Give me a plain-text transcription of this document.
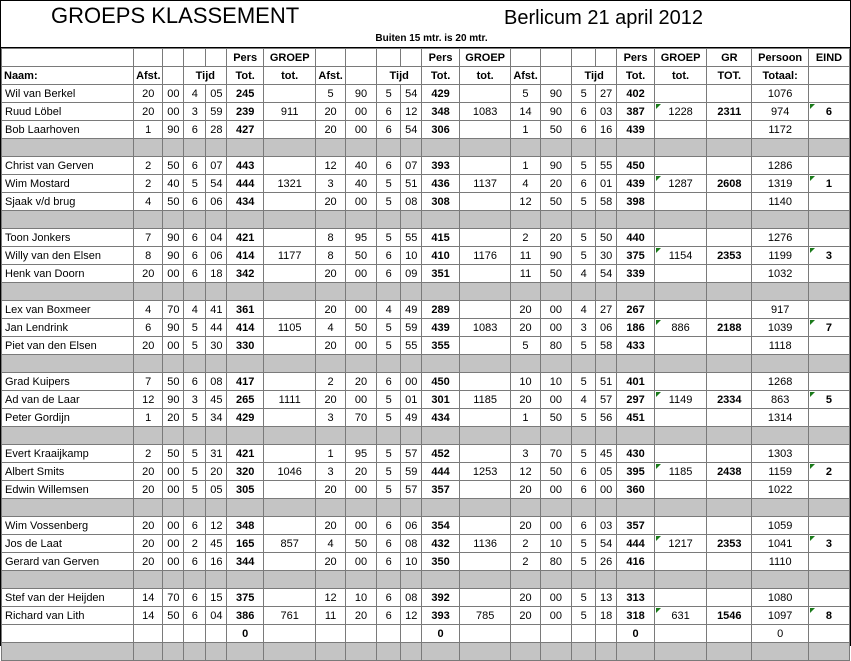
GROEPS KLASSEMENT	Berlicum 21 april 2012
Buiten 15 mtr. is 20 mtr.
					Pers	GROEP					Pers	GROEP					Pers	GROEP	GR	Persoon	EIND
Naam:	Afst.		Tijd		Tot.	tot.	Afst.		Tijd		Tot.	tot.	Afst.		Tijd		Tot.	tot.	TOT.	Totaal:	
Wil van Berkel	20	00	4	05	245		5	90	5	54	429		5	90	5	27	402			1076	
Ruud Löbel	20	00	3	59	239	911	20	00	6	12	348	1083	14	90	6	03	387	1228	2311	974	6
Bob Laarhoven	1	90	6	28	427		20	00	6	54	306		1	50	6	16	439			1172	

Christ van Gerven	2	50	6	07	443		12	40	6	07	393		1	90	5	55	450			1286	
Wim Mostard	2	40	5	54	444	1321	3	40	5	51	436	1137	4	20	6	01	439	1287	2608	1319	1
Sjaak v/d brug	4	50	6	06	434		20	00	5	08	308		12	50	5	58	398			1140	

Toon Jonkers	7	90	6	04	421		8	95	5	55	415		2	20	5	50	440			1276	
Willy van den Elsen	8	90	6	06	414	1177	8	50	6	10	410	1176	11	90	5	30	375	1154	2353	1199	3
Henk van Doorn	20	00	6	18	342		20	00	6	09	351		11	50	4	54	339			1032	

Lex van Boxmeer	4	70	4	41	361		20	00	4	49	289		20	00	4	27	267			917	
Jan Lendrink	6	90	5	44	414	1105	4	50	5	59	439	1083	20	00	3	06	186	886	2188	1039	7
Piet van den Elsen	20	00	5	30	330		20	00	5	55	355		5	80	5	58	433			1118	

Grad Kuipers	7	50	6	08	417		2	20	6	00	450		10	10	5	51	401			1268	
Ad van de Laar	12	90	3	45	265	1111	20	00	5	01	301	1185	20	00	4	57	297	1149	2334	863	5
Peter Gordijn	1	20	5	34	429		3	70	5	49	434		1	50	5	56	451			1314	

Evert Kraaijkamp	2	50	5	31	421		1	95	5	57	452		3	70	5	45	430			1303	
Albert Smits	20	00	5	20	320	1046	3	20	5	59	444	1253	12	50	6	05	395	1185	2438	1159	2
Edwin Willemsen	20	00	5	05	305		20	00	5	57	357		20	00	6	00	360			1022	

Wim Vossenberg	20	00	6	12	348		20	00	6	06	354		20	00	6	03	357			1059	
Jos de Laat	20	00	2	45	165	857	4	50	6	08	432	1136	2	10	5	54	444	1217	2353	1041	3
Gerard van Gerven	20	00	6	16	344		20	00	6	10	350		2	80	5	26	416			1110	

Stef van der Heijden	14	70	6	15	375		12	10	6	08	392		20	00	5	13	313			1080	
Richard van Lith	14	50	6	04	386	761	11	20	6	12	393	785	20	00	5	18	318	631	1546	1097	8
					0						0						0			0	
